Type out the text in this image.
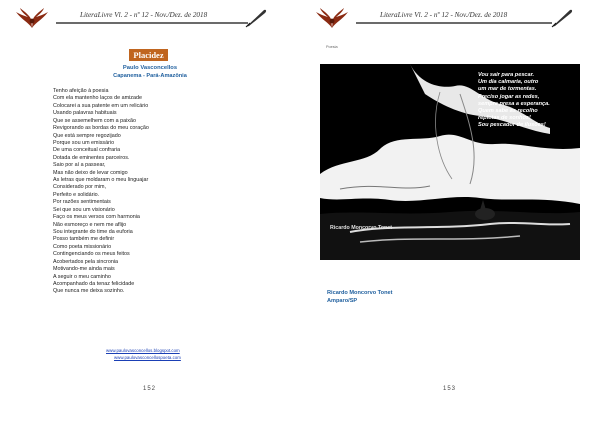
LiteraLivre Vl. 2 - nº 12 - Nov./Dez. de 2018
Placidez
Paulo Vasconcellos
Capanema - Pará-Amazônia
Tenho afeição à poesia
Com ela mantenho laços de amizade
Colocarei a sua patente em um relicário
Usando palavras habituais
Que se assemelhem com a paixão
Revigorando as bordas do meu coração
Que está sempre regozijado
Porque sou um emissário
De uma conceitual confraria
Dotada de eminentes parceiros.
Saio por aí a passear,
Mas não deixo de levar comigo
As letras que moldaram o meu linguajar
Considerado por mim,
Perfeito e solidário.
Por razões sentimentais
Sei que sou um visionário
Faço os meus versos com harmonia
Não esmoreço e nem me aflijo
Sou integrante do time da euforia
Posso também me definir
Como poeta missionário
Contingenciando os meus feitos
Acobertados pela sincronia
Motivando-me ainda mais
A seguir o meu caminho
Acompanhado da tenaz felicidade
Que nunca me deixa sozinho.
www.paulovasconcellos.blogspot.com
www.paulovasconcellospoeta.com
152
LiteraLivre Vl. 2 - nº 12 - Nov./Dez. de 2018
153
Poesia
Vou sair para pescar.
Um dia calmaria, outro
um mar de tormentas.
Preciso jogar as redes,
sempre presa a esperança.
Quem sabe as recolho
repletas de sonhos!
Sou pescador de ilusões!
Ricardo Moncorvo Tonet
Ricardo Moncorvo Tonet
Amparo/SP
